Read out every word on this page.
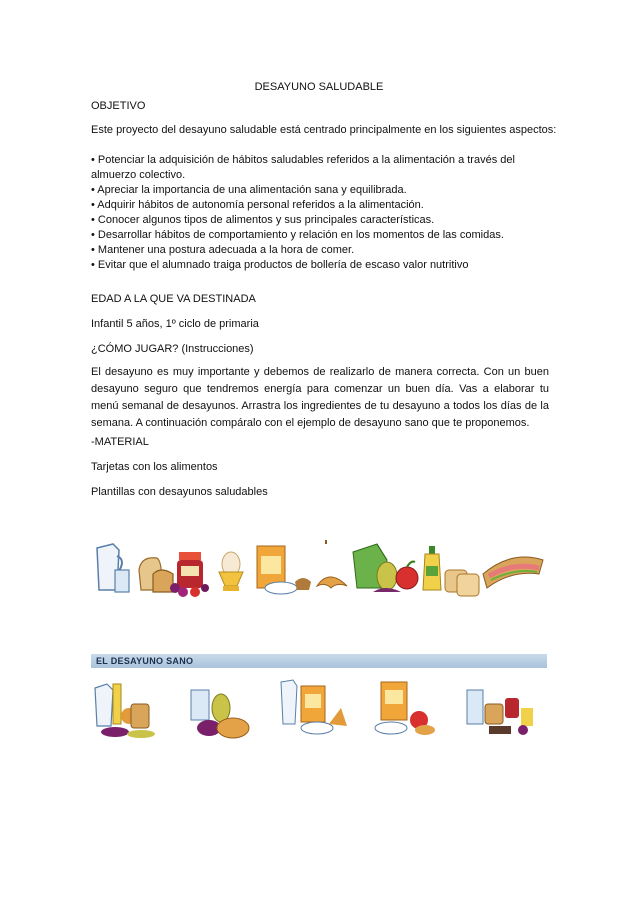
DESAYUNO SALUDABLE
OBJETIVO
Este proyecto del desayuno saludable está centrado principalmente en los siguientes aspectos:
• Potenciar la adquisición de hábitos saludables referidos a la alimentación a través del almuerzo colectivo.
• Apreciar la importancia de una alimentación sana y equilibrada.
• Adquirir hábitos de autonomía personal referidos a la alimentación.
• Conocer algunos tipos de alimentos y sus principales características.
• Desarrollar hábitos de comportamiento y relación en los momentos de las comidas.
• Mantener una postura adecuada a la hora de comer.
• Evitar que el alumnado traiga productos de bollería de escaso valor nutritivo
EDAD A LA QUE VA DESTINADA
Infantil 5 años, 1º ciclo de primaria
¿CÓMO JUGAR? (Instrucciones)
El desayuno es muy importante y debemos de realizarlo de manera correcta. Con un buen desayuno seguro que tendremos energía para comenzar un buen día. Vas a elaborar tu menú semanal de desayunos. Arrastra los ingredientes de tu desayuno a todos los días de la semana. A continuación compáralo con el ejemplo de desayuno sano que te proponemos.
-MATERIAL
Tarjetas con los alimentos
Plantillas con desayunos saludables
EL DESAYUNO SANO
